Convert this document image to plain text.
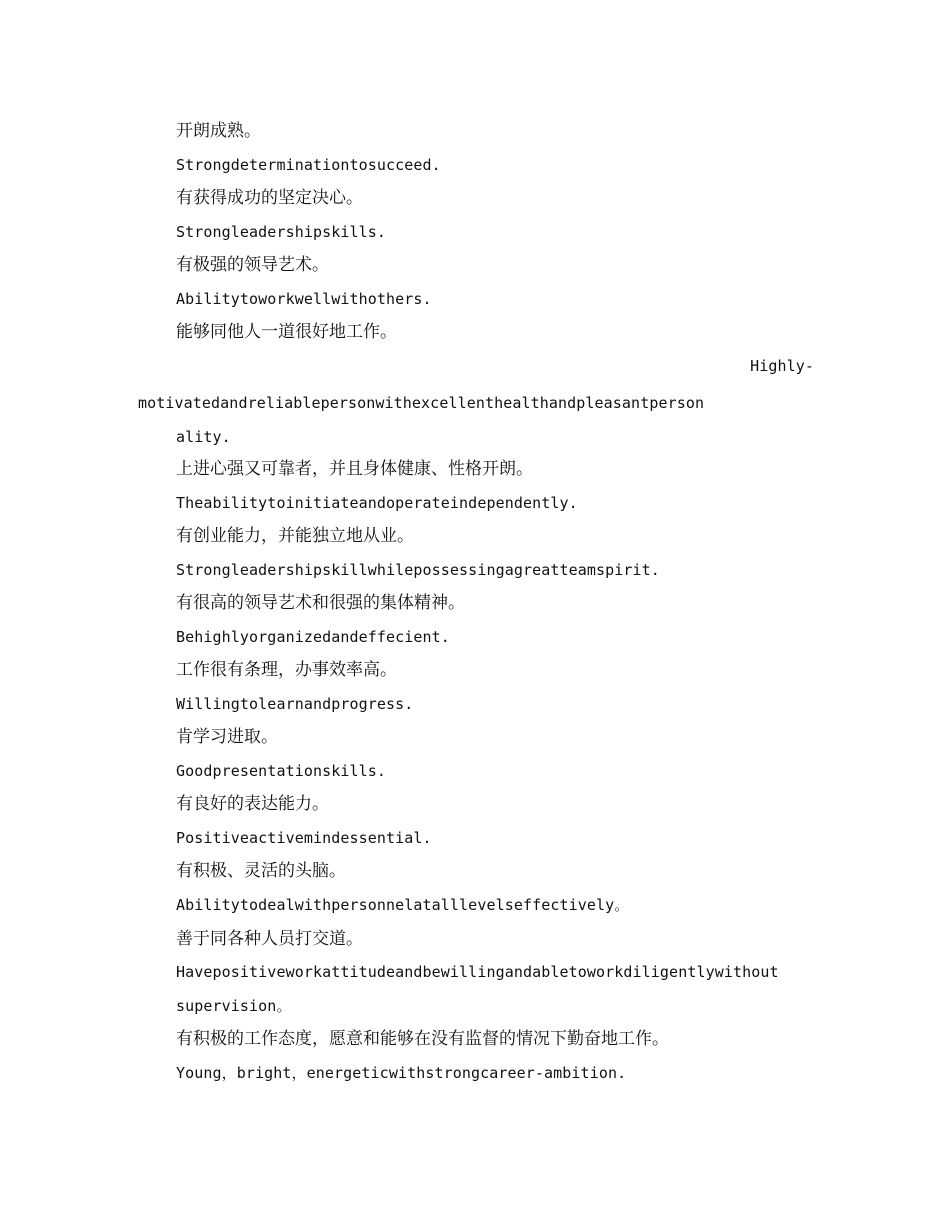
开朗成熟。
Strongdeterminationtosucceed.
有获得成功的坚定决心。
Strongleadershipskills.
有极强的领导艺术。
Abilitytoworkwellwithothers.
能够同他人一道很好地工作。
Highly-
motivatedandreliablepersonwithexcellenthealthandpleasantperson
ality.
上进心强又可靠者，并且身体健康、性格开朗。
Theabilitytoinitiateandoperateindependently.
有创业能力，并能独立地从业。
Strongleadershipskillwhilepossessingagreatteamspirit.
有很高的领导艺术和很强的集体精神。
Behighlyorganizedandeffecient.
工作很有条理，办事效率高。
Willingtolearnandprogress.
肯学习进取。
Goodpresentationskills.
有良好的表达能力。
Positiveactivemindessential.
有积极、灵活的头脑。
Abilitytodealwithpersonnelatalllevelseffectively。
善于同各种人员打交道。
Havepositiveworkattitudeandbewillingandabletoworkdiligentlywithout
supervision。
有积极的工作态度，愿意和能够在没有监督的情况下勤奋地工作。
Young，bright，energeticwithstrongcareer-ambition.
